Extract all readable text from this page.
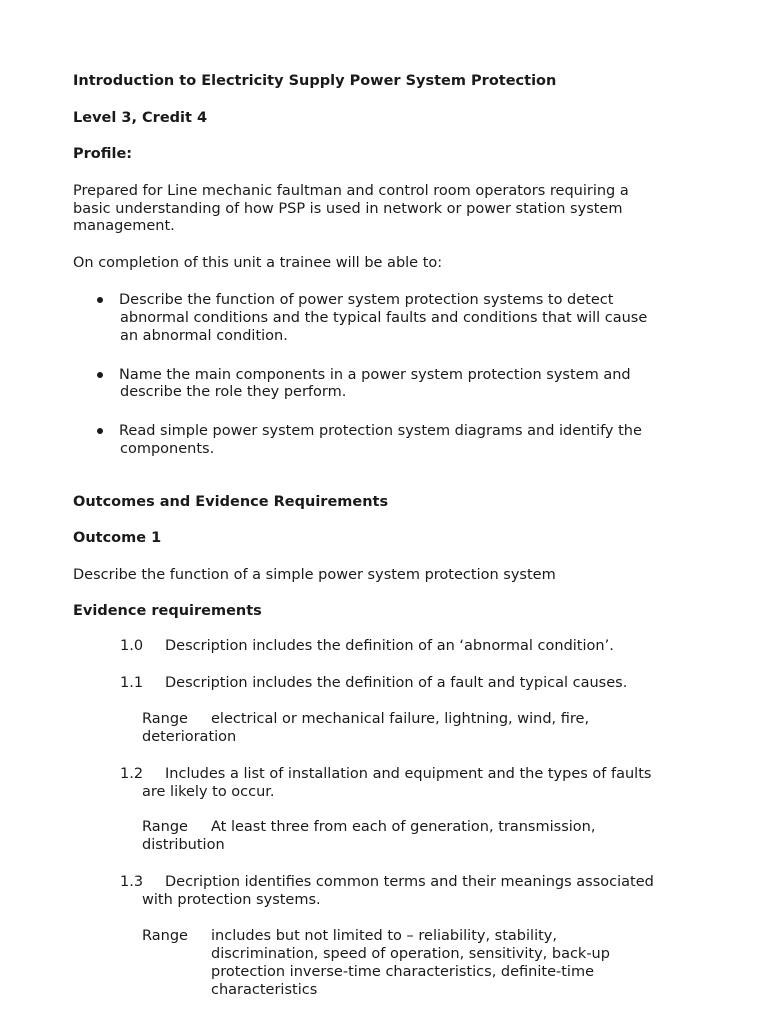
Introduction to Electricity Supply Power System Protection
Level 3, Credit 4
Profile:
Prepared for Line mechanic faultman and control room operators requiring a
basic understanding of how PSP is used in network or power station system
management.
On completion of this unit a trainee will be able to:
Describe the function of power system protection systems to detect
abnormal conditions and the typical faults and conditions that will cause
an abnormal condition.
Name the main components in a power system protection system and
describe the role they perform.
Read simple power system protection system diagrams and identify the
components.
Outcomes and Evidence Requirements
Outcome 1
Describe the function of a simple power system protection system
Evidence requirements
1.0 Description includes the definition of an ‘abnormal condition’.
1.1 Description includes the definition of a fault and typical causes.
Range electrical or mechanical failure, lightning, wind, fire,
deterioration
1.2 Includes a list of installation and equipment and the types of faults
are likely to occur.
Range At least three from each of generation, transmission,
distribution
1.3 Decription identifies common terms and their meanings associated
with protection systems.
Range includes but not limited to – reliability, stability,
discrimination, speed of operation, sensitivity, back-up
protection inverse-time characteristics, definite-time
characteristics
